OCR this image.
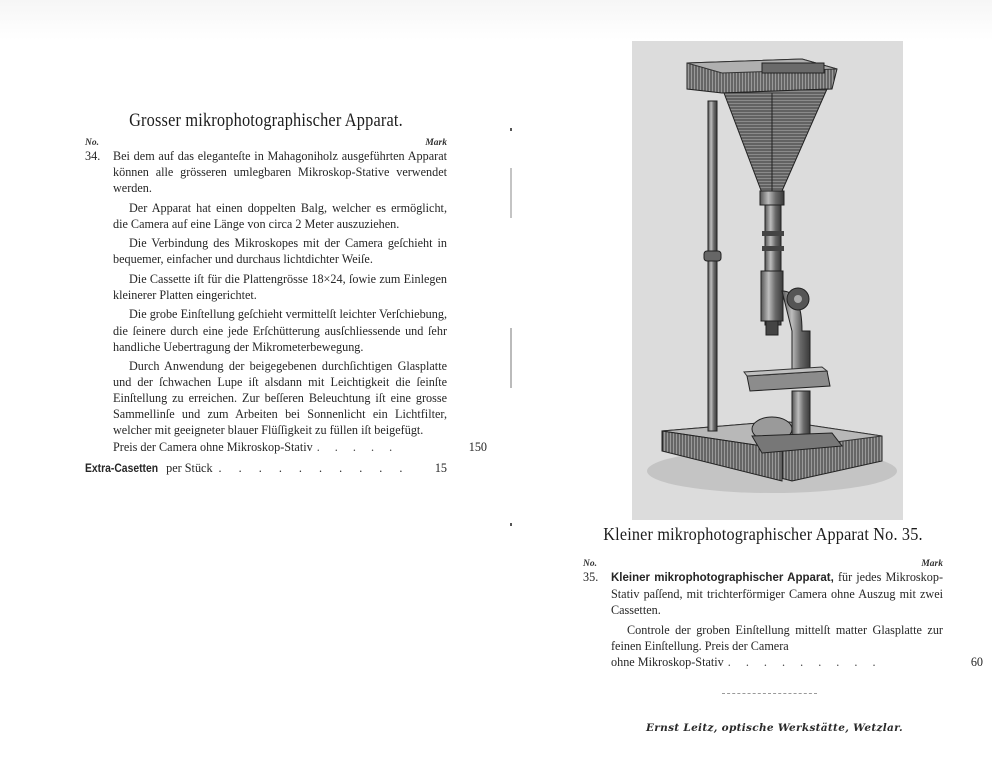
Grosser mikrophotographischer Apparat.
No.	Mark
34.	Bei dem auf das eleganteſte in Mahagoniholz ausgeführten Apparat können alle grösseren umlegbaren Mikroskop-Stative verwendet werden.

Der Apparat hat einen doppelten Balg, welcher es ermöglicht, die Camera auf eine Länge von circa 2 Meter auszuziehen.

Die Verbindung des Mikroskopes mit der Camera geſchieht in bequemer, einfacher und durchaus lichtdichter Weiſe.

Die Cassette iſt für die Plattengrösse 18×24, ſowie zum Einlegen kleinerer Platten eingerichtet.

Die grobe Einſtellung geſchieht vermittelſt leichter Verſchiebung, die ſeinere durch eine jede Erſchütterung ausſchliessende und ſehr handliche Uebertragung der Mikrometerbewegung.

Durch Anwendung der beigegebenen durchſichtigen Glasplatte und der ſchwachen Lupe iſt alsdann mit Leichtigkeit die ſeinſte Einſtellung zu erreichen. Zur beſſeren Beleuchtung iſt eine grosse Sammellinſe und zum Arbeiten bei Sonnenlicht ein Lichtfilter, welcher mit geeigneter blauer Flüſſigkeit zu füllen iſt beigefügt.

Preis der Camera ohne Mikroskop-Stativ . . . . .	150
Extra-Casetten per Stück . . . . . . . . . .	15
Kleiner mikrophotographischer Apparat No. 35.
No.	Mark
35.	Kleiner mikrophotographischer Apparat, für jedes Mikroskop-Stativ paſſend, mit trichterförmiger Camera ohne Auszug mit zwei Cassetten.

Controle der groben Einſtellung mittelſt matter Glasplatte zur feinen Einſtellung. Preis der Camera

ohne Mikroskop-Stativ . . . . . . . . .	60
Ernst Leitz, optische Werkstätte, Wetzlar.
